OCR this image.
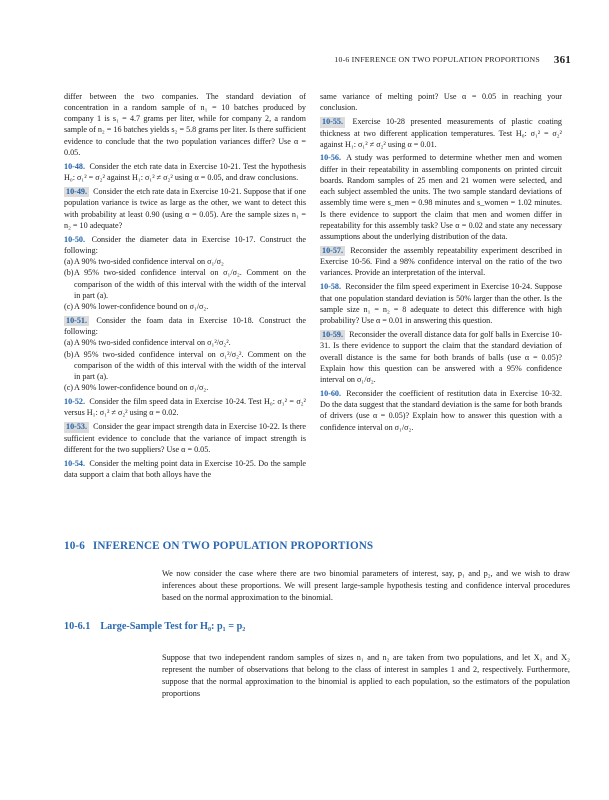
10-6 INFERENCE ON TWO POPULATION PROPORTIONS 361

differ between the two companies. The standard deviation of concentration in a random sample of n₁ = 10 batches produced by company 1 is s₁ = 4.7 grams per liter, while for company 2, a random sample of n₂ = 16 batches yields s₂ = 5.8 grams per liter. Is there sufficient evidence to conclude that the two population variances differ? Use α = 0.05.

10-48. Consider the etch rate data in Exercise 10-21. Test the hypothesis H₀: σ₁² = σ₂² against H₁: σ₁² ≠ σ₂² using α = 0.05, and draw conclusions.

10-49. Consider the etch rate data in Exercise 10-21. Suppose that if one population variance is twice as large as the other, we want to detect this with probability at least 0.90 (using α = 0.05). Are the sample sizes n₁ = n₂ = 10 adequate?

10-50. Consider the diameter data in Exercise 10-17. Construct the following:
(a)A 90% two-sided confidence interval on σ₁/σ₂
(b)A 95% two-sided confidence interval on σ₁/σ₂. Comment on the comparison of the width of this interval with the width of the interval in part (a).
(c)A 90% lower-confidence bound on σ₁/σ₂.

10-51. Consider the foam data in Exercise 10-18. Construct the following:
(a)A 90% two-sided confidence interval on σ₁²/σ₂².
(b)A 95% two-sided confidence interval on σ₁²/σ₂². Comment on the comparison of the width of this interval with the width of the interval in part (a).
(c)A 90% lower-confidence bound on σ₁/σ₂.

10-52. Consider the film speed data in Exercise 10-24. Test H₀: σ₁² = σ₂² versus H₁: σ₁² ≠ σ₂² using α = 0.02.

10-53. Consider the gear impact strength data in Exercise 10-22. Is there sufficient evidence to conclude that the variance of impact strength is different for the two suppliers? Use α = 0.05.

10-54. Consider the melting point data in Exercise 10-25. Do the sample data support a claim that both alloys have the

same variance of melting point? Use α = 0.05 in reaching your conclusion.

10-55. Exercise 10-28 presented measurements of plastic coating thickness at two different application temperatures. Test H₀: σ₁² = σ₂² against H₁: σ₁² ≠ σ₂² using α = 0.01.

10-56. A study was performed to determine whether men and women differ in their repeatability in assembling components on printed circuit boards. Random samples of 25 men and 21 women were selected, and each subject assembled the units. The two sample standard deviations of assembly time were s_men = 0.98 minutes and s_women = 1.02 minutes. Is there evidence to support the claim that men and women differ in repeatability for this assembly task? Use α = 0.02 and state any necessary assumptions about the underlying distribution of the data.

10-57. Reconsider the assembly repeatability experiment described in Exercise 10-56. Find a 98% confidence interval on the ratio of the two variances. Provide an interpretation of the interval.

10-58. Reconsider the film speed experiment in Exercise 10-24. Suppose that one population standard deviation is 50% larger than the other. Is the sample size n₁ = n₂ = 8 adequate to detect this difference with high probability? Use α = 0.01 in answering this question.

10-59. Reconsider the overall distance data for golf balls in Exercise 10-31. Is there evidence to support the claim that the standard deviation of overall distance is the same for both brands of balls (use α = 0.05)? Explain how this question can be answered with a 95% confidence interval on σ₁/σ₂.

10-60. Reconsider the coefficient of restitution data in Exercise 10-32. Do the data suggest that the standard deviation is the same for both brands of drivers (use α = 0.05)? Explain how to answer this question with a confidence interval on σ₁/σ₂.

10-6 INFERENCE ON TWO POPULATION PROPORTIONS

We now consider the case where there are two binomial parameters of interest, say, p₁ and p₂, and we wish to draw inferences about these proportions. We will present large-sample hypothesis testing and confidence interval procedures based on the normal approximation to the binomial.

10-6.1 Large-Sample Test for H₀: p₁ = p₂

Suppose that two independent random samples of sizes n₁ and n₂ are taken from two populations, and let X₁ and X₂ represent the number of observations that belong to the class of interest in samples 1 and 2, respectively. Furthermore, suppose that the normal approximation to the binomial is applied to each population, so the estimators of the population proportions
